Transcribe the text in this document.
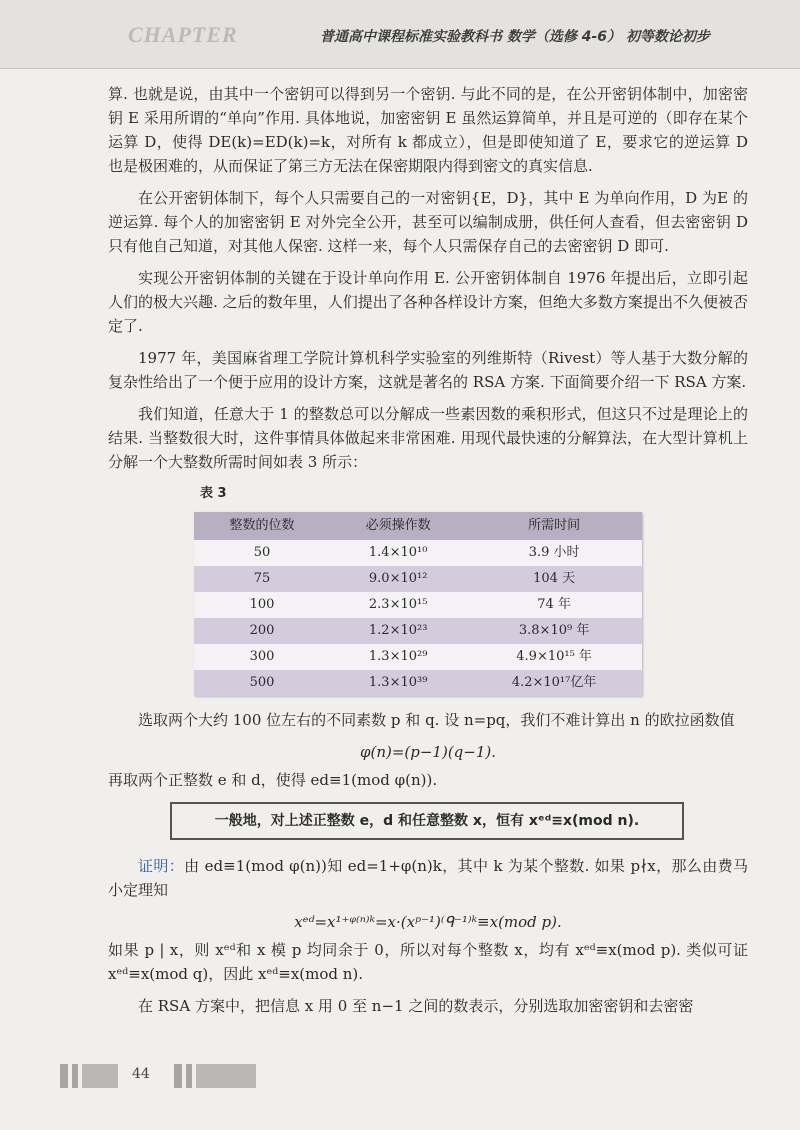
CHAPTER	普通高中课程标准实验教科书 数学（选修 4-6） 初等数论初步

算. 也就是说，由其中一个密钥可以得到另一个密钥. 与此不同的是，在公开密钥体制中，加密密钥 E 采用所谓的“单向”作用. 具体地说，加密密钥 E 虽然运算简单，并且是可逆的（即存在某个运算 D，使得 DE(k)=ED(k)=k，对所有 k 都成立），但是即使知道了 E，要求它的逆运算 D 也是极困难的，从而保证了第三方无法在保密期限内得到密文的真实信息.

在公开密钥体制下，每个人只需要自己的一对密钥{E，D}，其中 E 为单向作用，D 为E 的逆运算. 每个人的加密密钥 E 对外完全公开，甚至可以编制成册，供任何人查看，但去密密钥 D 只有他自己知道，对其他人保密. 这样一来，每个人只需保存自己的去密密钥 D 即可.

实现公开密钥体制的关键在于设计单向作用 E. 公开密钥体制自 1976 年提出后，立即引起人们的极大兴趣. 之后的数年里，人们提出了各种各样设计方案，但绝大多数方案提出不久便被否定了.

1977 年，美国麻省理工学院计算机科学实验室的列维斯特（Rivest）等人基于大数分解的复杂性给出了一个便于应用的设计方案，这就是著名的 RSA 方案. 下面简要介绍一下 RSA 方案.

我们知道，任意大于 1 的整数总可以分解成一些素因数的乘积形式，但这只不过是理论上的结果. 当整数很大时，这件事情具体做起来非常困难. 用现代最快速的分解算法，在大型计算机上分解一个大整数所需时间如表 3 所示：

表 3
整数的位数	必须操作数	所需时间
50	1.4×10¹⁰	3.9 小时
75	9.0×10¹²	104 天
100	2.3×10¹⁵	74 年
200	1.2×10²³	3.8×10⁹ 年
300	1.3×10²⁹	4.9×10¹⁵ 年
500	1.3×10³⁹	4.2×10¹⁷亿年

选取两个大约 100 位左右的不同素数 p 和 q. 设 n=pq，我们不难计算出 n 的欧拉函数值

φ(n)=(p−1)(q−1).

再取两个正整数 e 和 d，使得 ed≡1(mod φ(n)).

一般地，对上述正整数 e，d 和任意整数 x，恒有 xᵉᵈ≡x(mod n).

证明：由 ed≡1(mod φ(n))知 ed=1+φ(n)k，其中 k 为某个整数. 如果 p∤x，那么由费马小定理知

xᵉᵈ=x¹⁺ᵠ⁽ⁿ⁾ᵏ=x·(xᵖ⁻¹)⁽ᑫ⁻¹⁾ᵏ≡x(mod p).

如果 p | x，则 xᵉᵈ和 x 模 p 均同余于 0，所以对每个整数 x，均有 xᵉᵈ≡x(mod p). 类似可证 xᵉᵈ≡x(mod q)，因此 xᵉᵈ≡x(mod n).

在 RSA 方案中，把信息 x 用 0 至 n−1 之间的数表示，分别选取加密密钥和去密密

44
